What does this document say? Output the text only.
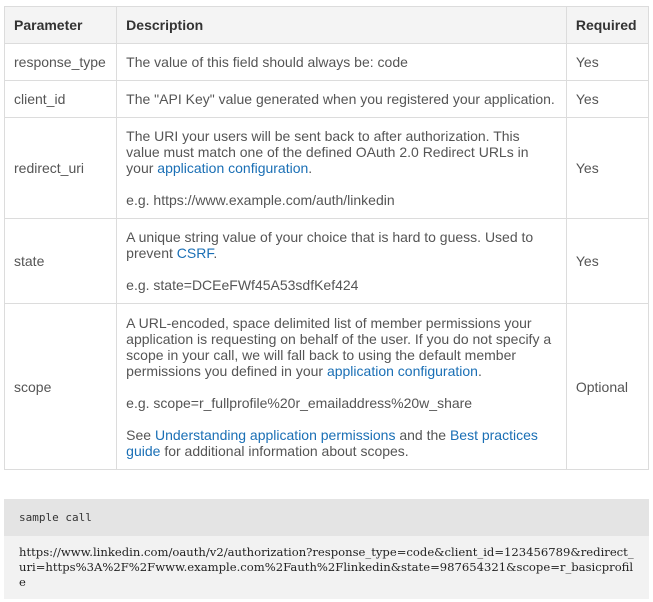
Parameter	Description	Required
response_type	The value of this field should always be: code	Yes
client_id	The "API Key" value generated when you registered your application.	Yes
redirect_uri	The URI your users will be sent back to after authorization. This value must match one of the defined OAuth 2.0 Redirect URLs in your application configuration.

e.g. https://www.example.com/auth/linkedin	Yes
state	A unique string value of your choice that is hard to guess. Used to prevent CSRF.

e.g. state=DCEeFWf45A53sdfKef424	Yes
scope	A URL-encoded, space delimited list of member permissions your application is requesting on behalf of the user. If you do not specify a scope in your call, we will fall back to using the default member permissions you defined in your application configuration.

e.g. scope=r_fullprofile%20r_emailaddress%20w_share

See Understanding application permissions and the Best practices guide for additional information about scopes.	Optional
sample call
https://www.linkedin.com/oauth/v2/authorization?response_type=code&client_id=123456789&redirect_uri=https%3A%2F%2Fwww.example.com%2Fauth%2Flinkedin&state=987654321&scope=r_basicprofile
